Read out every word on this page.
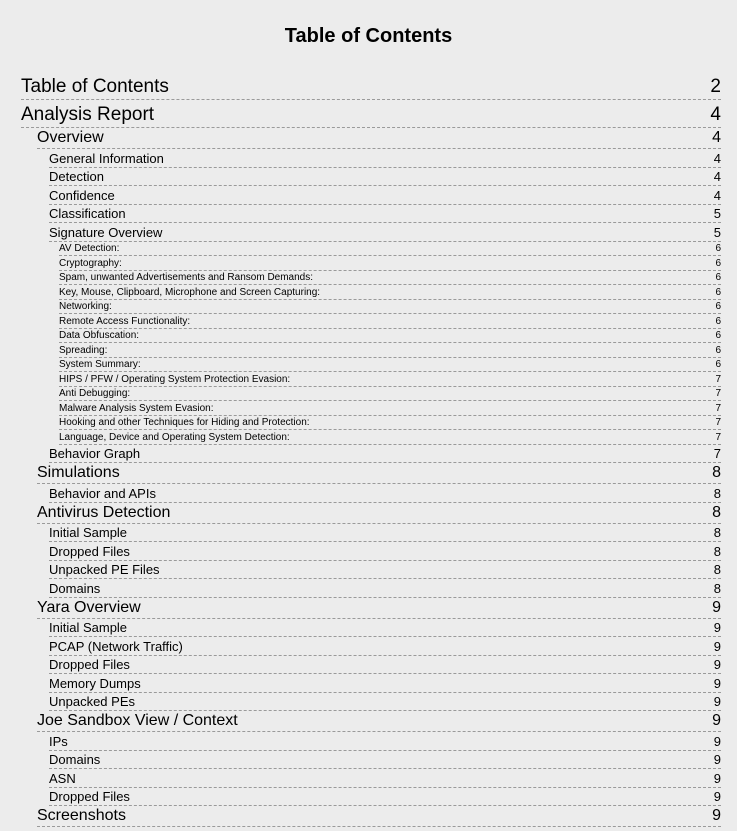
Table of Contents
Table of Contents	2
Analysis Report	4
Overview	4
General Information	4
Detection	4
Confidence	4
Classification	5
Signature Overview	5
AV Detection:	6
Cryptography:	6
Spam, unwanted Advertisements and Ransom Demands:	6
Key, Mouse, Clipboard, Microphone and Screen Capturing:	6
Networking:	6
Remote Access Functionality:	6
Data Obfuscation:	6
Spreading:	6
System Summary:	6
HIPS / PFW / Operating System Protection Evasion:	7
Anti Debugging:	7
Malware Analysis System Evasion:	7
Hooking and other Techniques for Hiding and Protection:	7
Language, Device and Operating System Detection:	7
Behavior Graph	7
Simulations	8
Behavior and APIs	8
Antivirus Detection	8
Initial Sample	8
Dropped Files	8
Unpacked PE Files	8
Domains	8
Yara Overview	9
Initial Sample	9
PCAP (Network Traffic)	9
Dropped Files	9
Memory Dumps	9
Unpacked PEs	9
Joe Sandbox View / Context	9
IPs	9
Domains	9
ASN	9
Dropped Files	9
Screenshots	9
